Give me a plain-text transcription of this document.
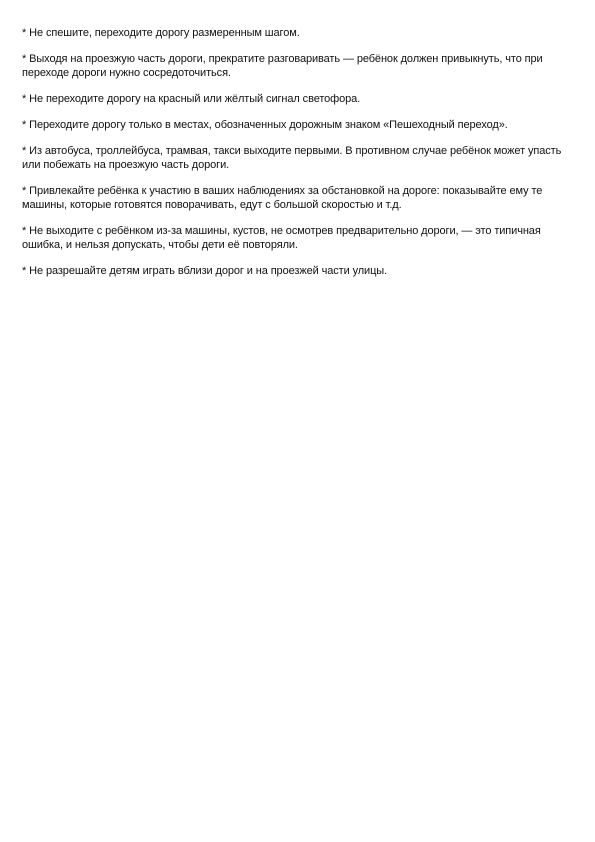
* Не спешите, переходите дорогу размеренным шагом.

* Выходя на проезжую часть дороги, прекратите разговаривать — ребёнок должен привыкнуть, что при переходе дороги нужно сосредоточиться.

* Не переходите дорогу на красный или жёлтый сигнал светофора.

* Переходите дорогу только в местах, обозначенных дорожным знаком «Пешеходный переход».

* Из автобуса, троллейбуса, трамвая, такси выходите первыми. В противном случае ребёнок может упасть или побежать на проезжую часть дороги.

* Привлекайте ребёнка к участию в ваших наблюдениях за обстановкой на дороге: показывайте ему те машины, которые готовятся поворачивать, едут с большой скоростью и т.д.

* Не выходите с ребёнком из-за машины, кустов, не осмотрев предварительно дороги, — это типичная ошибка, и нельзя допускать, чтобы дети её повторяли.

* Не разрешайте детям играть вблизи дорог и на проезжей части улицы.
